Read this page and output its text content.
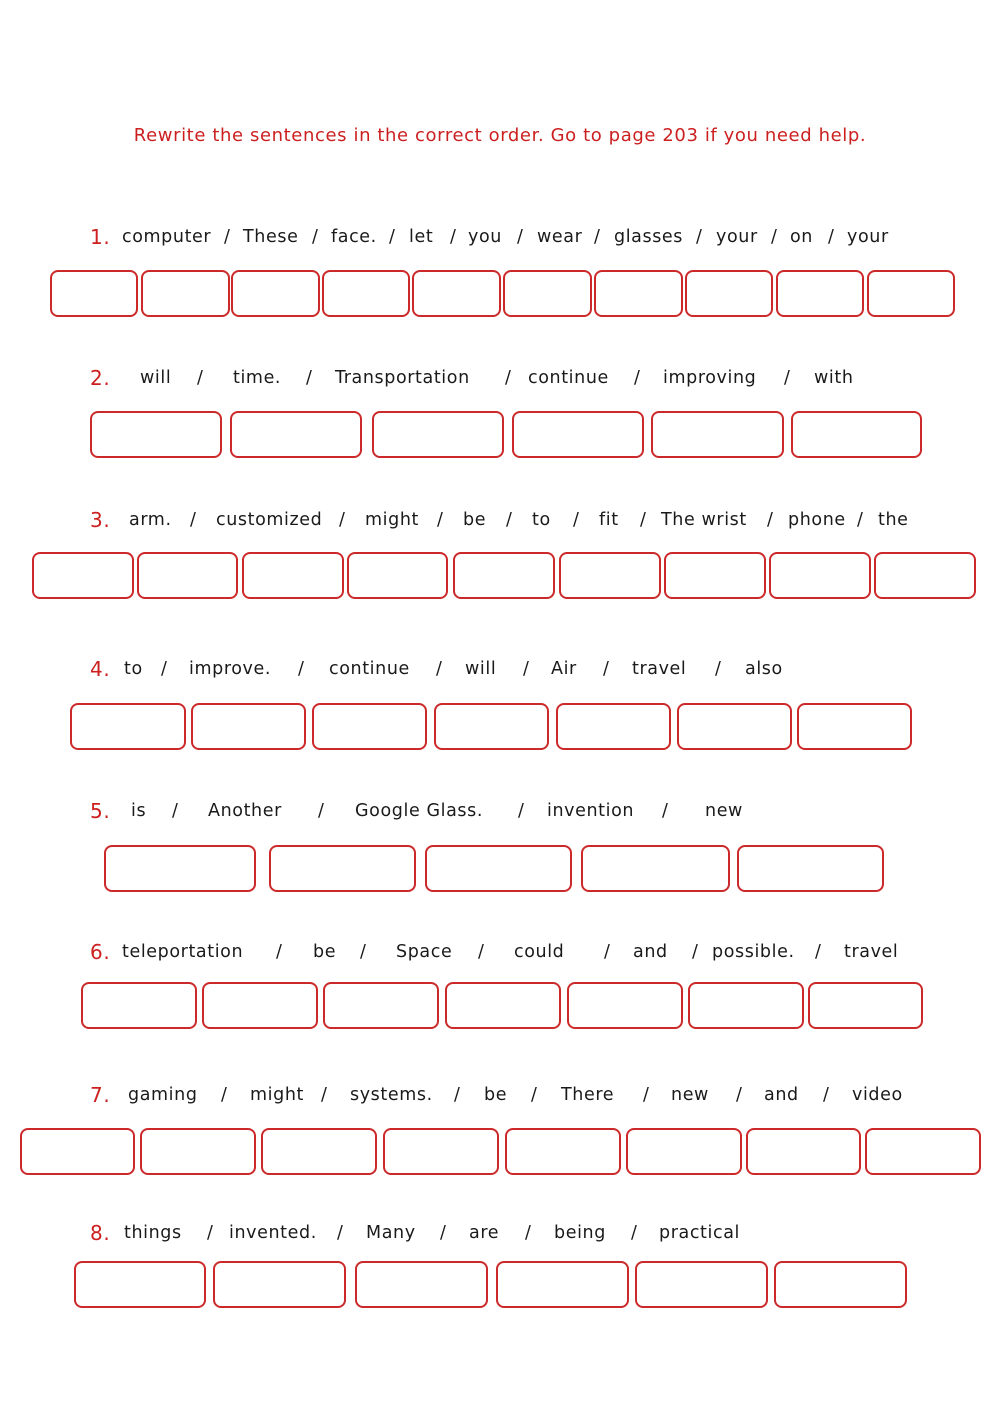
Rewrite the sentences in the correct order. Go to page 203 if you need help.
1. computer / These / face. / let / you / wear / glasses / your / on / your
2. will / time. / Transportation / continue / improving / with
3. arm. / customized / might / be / to / fit / The wrist / phone / the
4. to / improve. / continue / will / Air / travel / also
5. is / Another / Google Glass. / invention / new
6. teleportation / be / Space / could / and / possible. / travel
7. gaming / might / systems. / be / There / new / and / video
8. things / invented. / Many / are / being / practical
